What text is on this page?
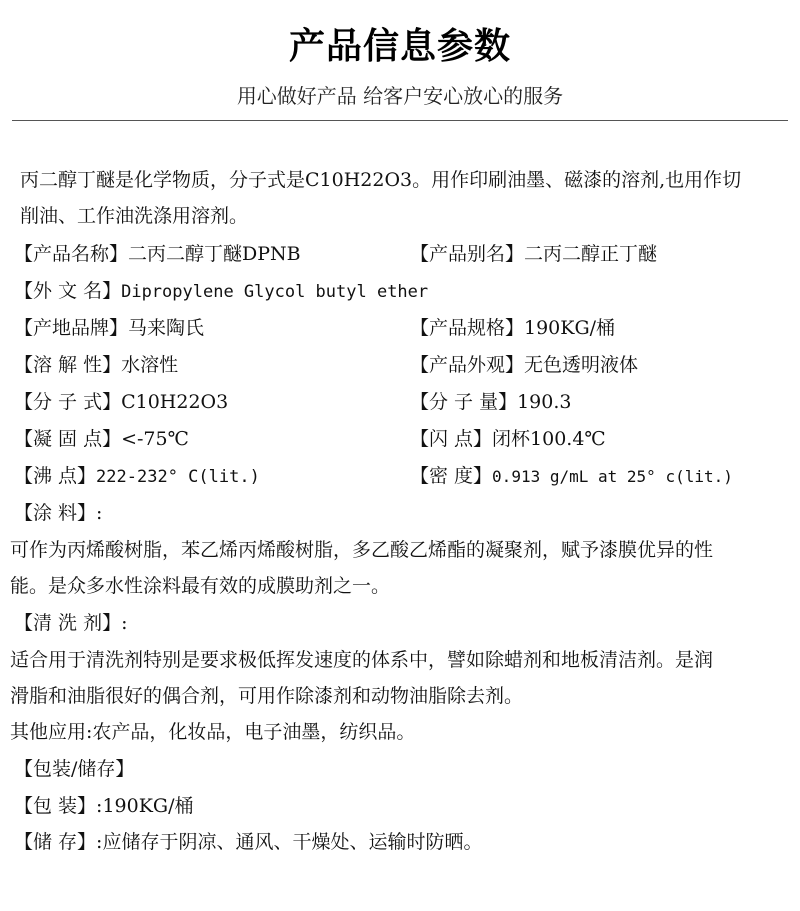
产品信息参数
用心做好产品 给客户安心放心的服务
丙二醇丁醚是化学物质，分子式是C10H22O3。用作印刷油墨、磁漆的溶剂,也用作切
削油、工作油洗涤用溶剂。
【产品名称】二丙二醇丁醚DPNB	【产品别名】二丙二醇正丁醚
【外 文 名】Dipropylene Glycol butyl ether
【产地品牌】马来陶氏	【产品规格】190KG/桶
【溶 解 性】水溶性	【产品外观】无色透明液体
【分 子 式】C10H22O3	【分 子 量】190.3
【凝 固 点】<-75℃	【闪 点】闭杯100.4℃
【沸 点】222-232° C(lit.)	【密 度】0.913 g/mL at 25° c(lit.)
【涂 料】:
可作为丙烯酸树脂，苯乙烯丙烯酸树脂，多乙酸乙烯酯的凝聚剂，赋予漆膜优异的性
能。是众多水性涂料最有效的成膜助剂之一。
【清 洗 剂】:
适合用于清洗剂特别是要求极低挥发速度的体系中，譬如除蜡剂和地板清洁剂。是润
滑脂和油脂很好的偶合剂，可用作除漆剂和动物油脂除去剂。
其他应用:农产品，化妆品，电子油墨，纺织品。
【包装/储存】
【包 装】:190KG/桶
【储 存】:应储存于阴凉、通风、干燥处、运输时防晒。
